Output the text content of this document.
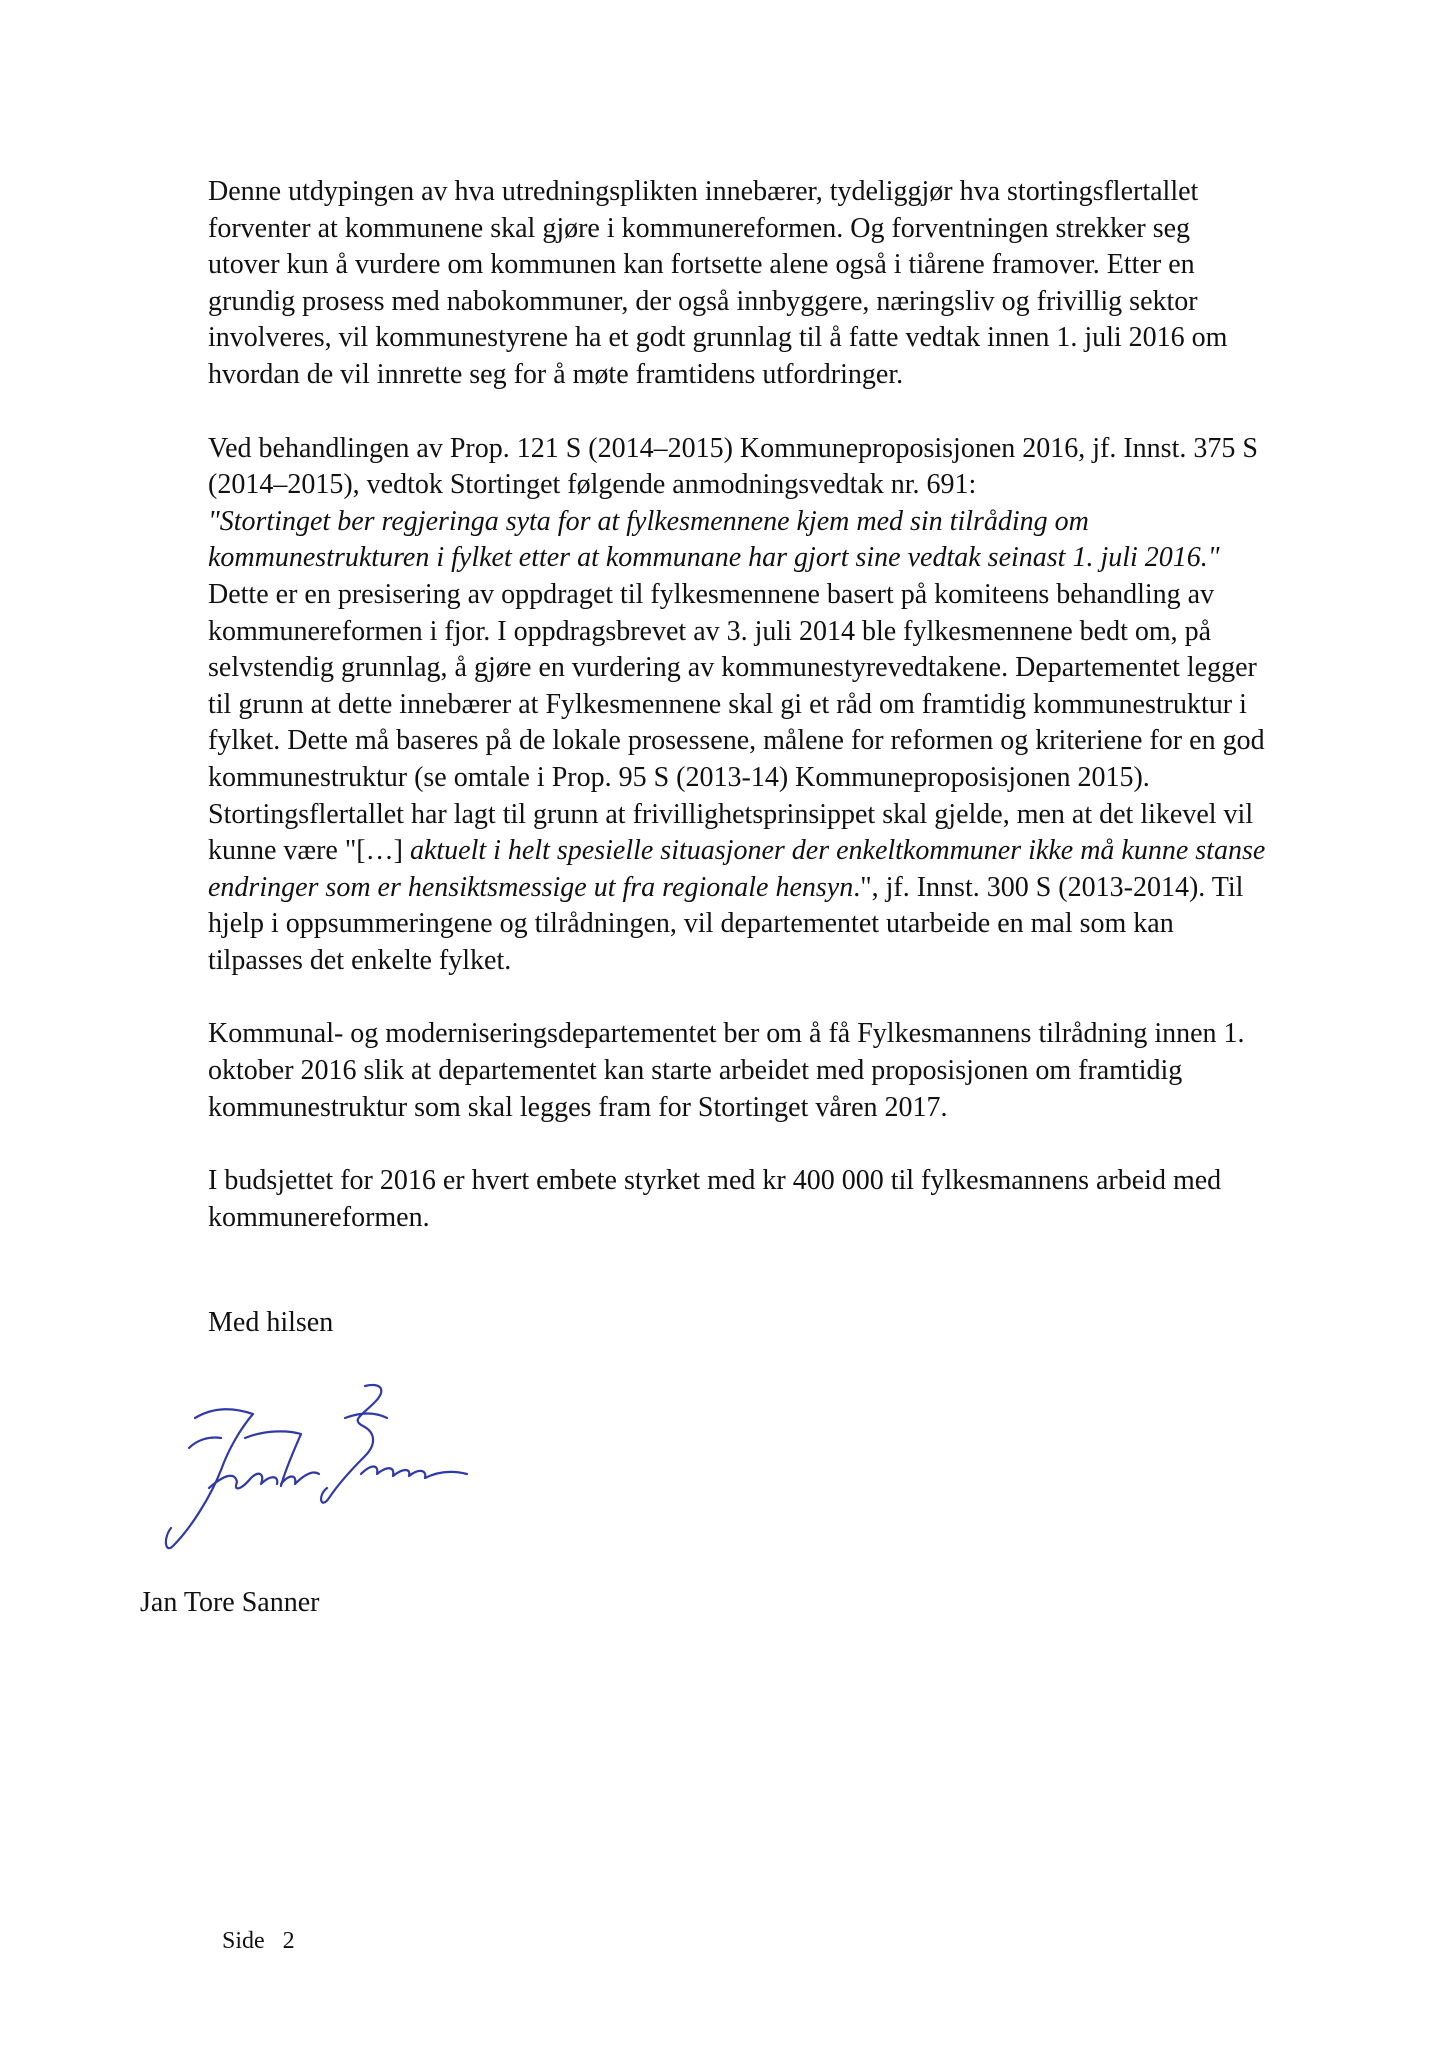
Denne utdypingen av hva utredningsplikten innebærer, tydeliggjør hva stortingsflertallet
forventer at kommunene skal gjøre i kommunereformen. Og forventningen strekker seg
utover kun å vurdere om kommunen kan fortsette alene også i tiårene framover. Etter en
grundig prosess med nabokommuner, der også innbyggere, næringsliv og frivillig sektor
involveres, vil kommunestyrene ha et godt grunnlag til å fatte vedtak innen 1. juli 2016 om
hvordan de vil innrette seg for å møte framtidens utfordringer.
Ved behandlingen av Prop. 121 S (2014–2015) Kommuneproposisjonen 2016, jf. Innst. 375 S
(2014–2015), vedtok Stortinget følgende anmodningsvedtak nr. 691:
"Stortinget ber regjeringa syta for at fylkesmennene kjem med sin tilråding om
kommunestrukturen i fylket etter at kommunane har gjort sine vedtak seinast 1. juli 2016."
Dette er en presisering av oppdraget til fylkesmennene basert på komiteens behandling av
kommunereformen i fjor. I oppdragsbrevet av 3. juli 2014 ble fylkesmennene bedt om, på
selvstendig grunnlag, å gjøre en vurdering av kommunestyrevedtakene. Departementet legger
til grunn at dette innebærer at Fylkesmennene skal gi et råd om framtidig kommunestruktur i
fylket. Dette må baseres på de lokale prosessene, målene for reformen og kriteriene for en god
kommunestruktur (se omtale i Prop. 95 S (2013-14) Kommuneproposisjonen 2015).
Stortingsflertallet har lagt til grunn at frivillighetsprinsippet skal gjelde, men at det likevel vil
kunne være "[…] aktuelt i helt spesielle situasjoner der enkeltkommuner ikke må kunne stanse
endringer som er hensiktsmessige ut fra regionale hensyn.", jf. Innst. 300 S (2013-2014). Til
hjelp i oppsummeringene og tilrådningen, vil departementet utarbeide en mal som kan
tilpasses det enkelte fylket.
Kommunal- og moderniseringsdepartementet ber om å få Fylkesmannens tilrådning innen 1.
oktober 2016 slik at departementet kan starte arbeidet med proposisjonen om framtidig
kommunestruktur som skal legges fram for Stortinget våren 2017.
I budsjettet for 2016 er hvert embete styrket med kr 400 000 til fylkesmannens arbeid med
kommunereformen.
Med hilsen
Jan Tore Sanner
Side 2
